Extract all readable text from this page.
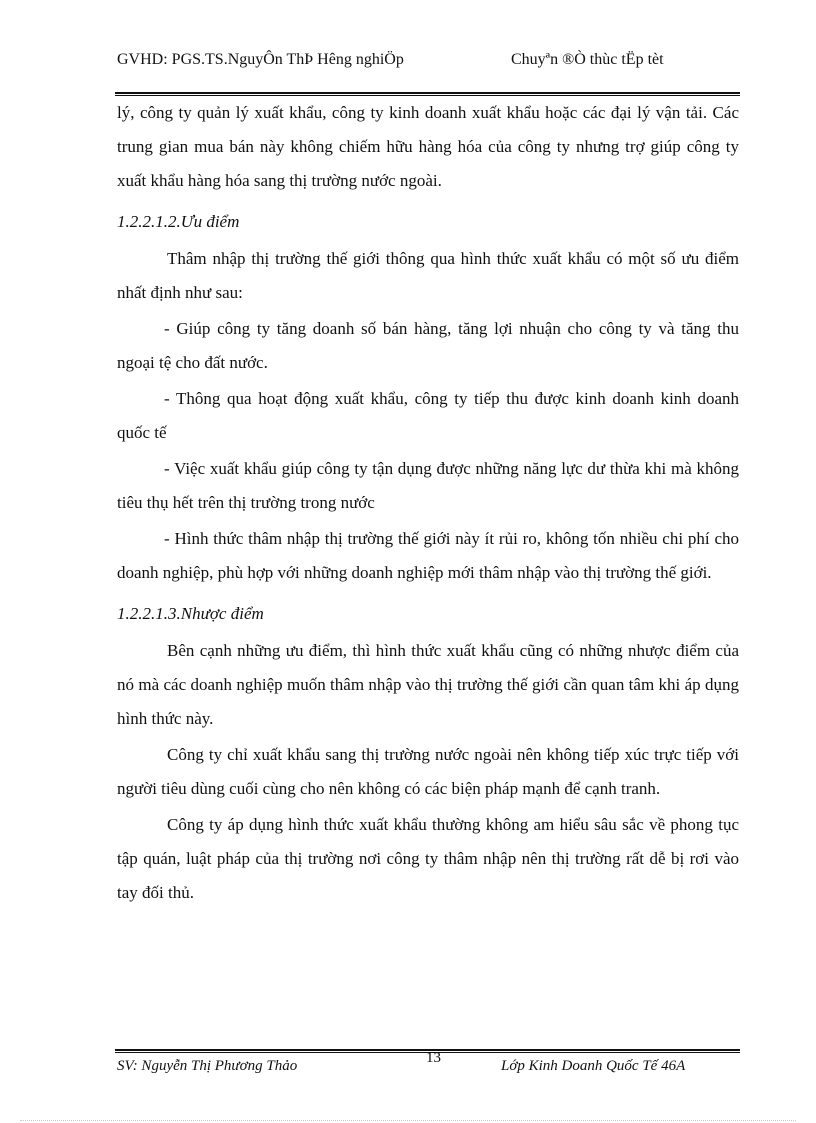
GVHD: PGS.TS.NguyÔn ThÞ Hêng nghiÖp	Chuyªn ®Ò thùc tËp tèt

lý, công ty quản lý xuất khẩu, công ty kinh doanh xuất khẩu hoặc các đại lý vận tải. Các trung gian mua bán này không chiếm hữu hàng hóa của công ty nhưng trợ giúp công ty xuất khẩu hàng hóa sang thị trường nước ngoài.

1.2.2.1.2.Ưu điểm

Thâm nhập thị trường thế giới thông qua hình thức xuất khẩu có một số ưu điểm nhất định như sau:

- Giúp công ty tăng doanh số bán hàng, tăng lợi nhuận cho công ty và tăng thu ngoại tệ cho đất nước.

- Thông qua hoạt động xuất khẩu, công ty tiếp thu được kinh doanh kinh doanh quốc tế

- Việc xuất khẩu giúp công ty tận dụng được những năng lực dư thừa khi mà không tiêu thụ hết trên thị trường trong nước

- Hình thức thâm nhập thị trường thế giới này ít rủi ro, không tốn nhiều chi phí cho doanh nghiệp, phù hợp với những doanh nghiệp mới thâm nhập vào thị trường thế giới.

1.2.2.1.3.Nhược điểm

Bên cạnh những ưu điểm, thì hình thức xuất khẩu cũng có những nhược điểm của nó mà các doanh nghiệp muốn thâm nhập vào thị trường thế giới cần quan tâm khi áp dụng hình thức này.

Công ty chỉ xuất khẩu sang thị trường nước ngoài nên không tiếp xúc trực tiếp với người tiêu dùng cuối cùng cho nên không có các biện pháp mạnh để cạnh tranh.

Công ty áp dụng hình thức xuất khẩu thường không am hiểu sâu sắc về phong tục tập quán, luật pháp của thị trường nơi công ty thâm nhập nên thị trường rất dễ bị rơi vào tay đối thủ.

SV: Nguyễn Thị Phương Thảo	13	Lớp Kinh Doanh Quốc Tế 46A
